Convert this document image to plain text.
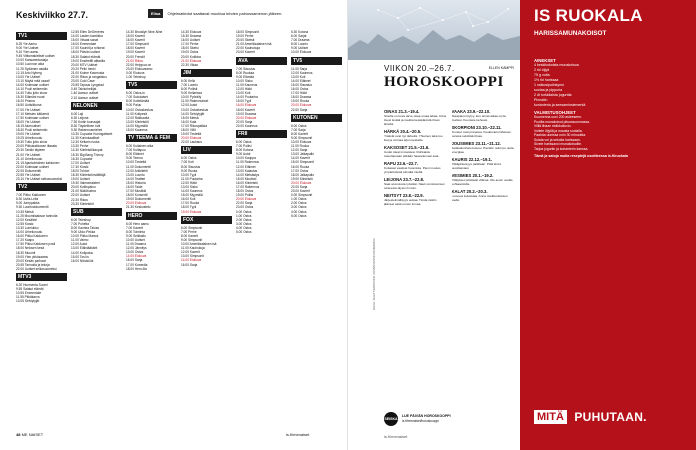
Keskiviikko 27.7.	Elisa Ohjelmatiedot saattavat muuttua lehden painossamenon jälkeen.
TV1
6.25 Yle Aamu
9.00 Yle Uutiset
9.10 Ylen aamu
9.45 Viittomakieliset uutiset
10.00 Kansanedustaja
10.50 Luonnon aika
11.25 Sydämen asialla
12.15 Arto Nyberg
13.00 Yle Uutiset
13.10 Näytä mitä osaat!
14.00 Kotimaan uutiset
14.10 Puoli seitsemän
14.40 Tuttu juttu show
15.30 Elämäni ruoat
16.20 Prisma
16.50 Uutisikkuna
17.00 Yle Uutiset
17.10 Metsien kätkemä
17.50 Kotimaan uutiset
18.00 Yle Uutiset
18.15 Alueuutiset
18.30 Puoli seitsemän
19.00 Yle Uutiset
19.25 Urheiluruutu
19.30 Tuttu juttu show
20.00 Pikkukakkosen iltasatu
20.30 Tankki täyteen
21.00 Yle Uutiset
21.10 Urheiluruutu
21.15 Ajankohtainen kakkonen
22.00 Kotimaan uutiset
22.05 Dokumentti
22.55 Yle Uutiset
23.10 Yle Uutiset selkosuomeksi
TV2
7.00 Pikku Kakkonen
8.30 Uutis-Leila
9.00 Jumppakka
9.30 Luontodokumentti
10.35 Metsä
11.25 Muumilaakson tarinoita
12.00 Kesäleiri
12.55 Kioski
13.30 Lumiukko
14.00 Urheiluruutu
16.00 Pikku Kakkonen
17.20 Kaapo
17.50 Pikku Kakkosen posti
18.00 Nelosen kesä
18.30 Muumit
19.00 Ylen ykkösaamu
20.00 Kesän parhaat
20.55 Tarinoita ja tekoja
22.00 Uutiset selkosuomeksi
MTV3
6.20 Huomenta Suomi
9.55 Salatut elämät
10.55 Emmerdale
11.55 Pitkäkarva
13.05 Selviytyjät
12.55 Ellen DeGeneres
14.00 Lasten komiikka
15.00 Viisaat sanat
16.00 Emmerdale
17.00 Kauniit ja rohkeat
18.00 Päivän uutiset
18.30 Salatut elämät
19.00 Ensitreffit alttarilla
20.00 MTV Uutiset
20.20 Pelin henki
21.00 Kolme Kaverusta
22.00 Rikos ja rangaistus
23.00 Cold Case
23.55 Tapaus Lyngstad
0.45 Talviurheilijat
1.40 Aamun uutiset
2.10 Aamun uutiset
NELONEN
6.00 Laji
6.30 Leijona
7.30 Kodin tuunaajat
8.30 Täydellinen koti
9.30 Rakennusmiehet
10.30 Cupcake Kuningattaret
11.30 Kuninkaalliset
12.30 Kellarin ruoka
13.30 Perhe
14.30 Kiinteistökaupat
15.30 Big Bang Theory
16.30 Cupcake
17.00 Uutiset
17.30 Kioski
18.00 Tohtori
18.30 Kiinteistönvälittäjä
19.00 Uutiset
19.30 Vaimomaisteri
20.00 Kotiinpaluu
21.00 Näkökulma
22.00 Uutiset
22.30 Rikos
23.30 Kiinteistöt
SUB
6.00 Teleshop
7.00 Puhetta
8.00 Kauhea Taivas
9.00 Ukko Pekka
10.00 Pikku Marsut
11.00 Vaimo
12.00 Autot
13.00 Eläinlääkärit
14.00 Kotipaluu
15.00 Tosi-tv
16.00 Nitroköök
14.30 Brooklyn Nine-Nine
15.00 Kaverit
16.00 Kaverit
17.00 Simpsonit
18.00 Kaverit
19.00 Kaverit
20.00 Frendit
21.00 Rikos
22.00 Helppoa on
23.00 Elokuvaamo
0.00 Elokuva
1.00 Teleshop
TV5
6.00 Ostos-tv
7.00 Sukulaiset
8.00 Kotielämää
9.00 Paluu
10.00 Ostoskeskus
11.00 Kotipesä
12.00 Rakkautta
13.00 Kiinteistöt
14.00 Myymälä
15.00 Kauneus
TV TEEMA & FEM
6.00 Kultainen aika
7.00 Kultapuu
8.00 Eläimet
9.00 Teema
10.00 Tiedettä
11.00 Dokumentti
12.00 Arkkitehti
13.00 Luonto
14.00 Teatteri
15.00 Historia
16.00 Taide
17.00 Musiikki
18.00 Konsertti
19.00 Dokumentti
20.00 Elokuva
21.30 Keskustelu
HERO
6.00 Hero aamu
7.00 Kaverit
8.00 Toiminta
9.00 Seikkailu
10.00 Uutiset
11.00 Draama
12.00 Jännitys
13.00 Ostos
14.00 Elokuva
16.00 Sarja
17.00 Komedia
18.00 Hero ilta
14.30 Elokuva
15.30 Draama
16.00 Uutiset
17.00 Perhe
18.00 Sketsi
19.00 Ostos
20.00 Kotikino
21.00 Elokuva
22.30 Vikaa
JIM
6.00 Kello
7.00 Luonto
8.00 Poliisit
9.00 Kellarissa
10.00 Pyöräily
11.00 Rakennukset
12.00 Autot
13.00 Ostoskeskus
14.00 Selviytyjät
15.00 Metsä
16.00 Kala
17.00 Rikospaikka
18.00 Villit
19.00 Tiedettä
20.00 Elokuva
22.00 Laukaus
LIV
6.00 Ostos
7.00 Koti
8.00 Sisustus
9.00 Ruoka
10.00 Tyyli
11.00 Puutarha
12.00 Häät
13.00 Sisko
14.00 Kauneus
15.00 Myymälä
16.00 Koti
17.00 Ruoka
18.00 Tyyli
19.00 Elokuva
FOX
6.00 Simpsonit
7.00 Perhe
8.00 Kaverit
9.00 Simpsonit
10.00 Amerikkalainen isä
11.00 Kauhukuja
12.00 Kaverit
13.00 Simpsonit
14.00 Elokuva
16.00 Sarja
18.00 Simpsonit
19.00 Perhe
20.00 Sketsit
21.00 Amerikkalainen isä
22.00 Kauhukuja
23.00 Kaverit
AVA
7.00 Sisustus
8.00 Ruokaa
9.00 Elämää
10.00 Sisko
11.00 Kauneus
12.00 Häät
13.00 Koti
14.00 Puutarha
15.00 Tyyli
16.00 Elokuva
18.00 Kaverit
19.00 Draama
20.00 Elokuva
22.00 Sarja
23.00 Kauneus
FRII
6.00 Ostos
7.00 Poliisi
8.00 Kotona
9.00 Autot
10.00 Kauppa
11.00 Rakennus
12.00 Eläimet
13.00 Kalastus
14.00 Metsästys
15.00 Moottori
16.00 Kiinteistö
17.00 Rakennus
18.00 Ostos
19.00 Poliisi
20.00 Elokuva
22.00 Sarja
23.00 Ostos
0.00 Ostos
1.00 Ostos
2.00 Ostos
3.00 Ostos
4.00 Ostos
5.00 Ostos
5.30 Kotona
6.00 Sarjat
7.00 Draama
8.00 Luonto
9.00 Uutiset
10.00 Elokuva
TV5
11.00 Sarja
12.00 Kauneus
13.00 Koti
14.00 Eläimet
15.00 Sisustus
16.00 Ostos
17.00 Häät
18.00 Draama
19.00 Ruoka
20.00 Elokuva
22.00 Sarja
KUTONEN
6.00 Ostos
7.00 Sarja
8.00 Kaverit
9.00 Simpsonit
10.00 Elokuva
11.00 Ruoka
12.00 Sarja
13.00 Jalkapallo
14.00 Kaverit
15.00 Simpsonit
16.00 Ruoka
17.00 Ostos
18.00 Jalkapallo
19.00 Kiinteistö
20.00 Elokuva
22.00 Sarja
23.00 Kaverit
0.00 Simpsonit
1.00 Ostos
2.00 Ostos
3.00 Ostos
4.00 Ostos
5.00 Ostos
48 ME NAISET	is.fi/menaiset
VIIKON 20.–26.7.	ELLEN KÄMPPI
HOROSKOOPPI
KUVA: SHUTTERSTOCK / KONSTANTIN KOMAROV
OINAS 21.3.–19.4.
Sinulla on kova tarve ottaa omaa aikaa. Anna itsesi levätä ja nauttia kesäpäivistä ilman kiirettä.
HÄRKÄ 20.4.–20.5.
Ystävät ovat nyt tärkeitä. Yhteinen aika tuo iloa ja voimaa arjen keskelle.
KAKSOSET 21.5.–21.6.
Uudet ideat innostavat. Rohkaistu toteuttamaan pitkään haaveilemasi asia.
RAPU 22.6.–22.7.
Kotiasiat vaativat huomiota. Pieni muutos ympäristössä piristää mieltä.
LEIJONA 23.7.–22.8.
Saat arvostusta työstäsi. Nauti onnistumisen tunteesta täysin rinnoin.
NEITSYT 23.8.–22.9.
Järjestelmällisyys auttaa. Hoida rästiin jääneet asiat ennen lomaa.
VAAKA 23.9.–22.10.
Tasapaino löytyy, kun annat aikaa myös itsellesi. Kuuntele kehoasi.
SKORPIONI 23.10.–22.11.
Tunteet ovat pinnassa. Keskustelu läheisen kanssa selvittää ilmaa.
JOUSIMIES 23.11.–21.12.
Seikkailunhalu kutsuu. Pienikin retki tuo uutta energiaa.
KAURIS 22.12.–19.1.
Pitkäjänteisyys palkitaan. Pidä kiinni tavoitteistasi.
VESIMIES 20.1.–19.2.
Yllätykset piristävät viikkoa. Ole avoin uusille kohtaamisille.
KALAT 20.2.–20.3.
Luovuus kukoistaa. Anna mielikuvituksen viedä.
SEISKA
LUE PÄIVÄN HOROSKOOPPI
is.fi/menaiset/horoskooppi
is.fi/menaiset
IS RUOKALA
HARISSAMUNAKOISOT
AINEKSET
4 keskikokoista munakoisoa
2 rkl öljyä
75 g voita
1½ rkl harissaa
1 valkosipulinkynsi
suolaa ja pippuria
2 dl turkkilaista jogurttia
Pinnalle:
korianteria ja seesaminsiemeniä
VALMISTUSOHJEET
Kuumenna uuni 200 asteeseen.
Puolita munakoisot pituussuunnassa.
Viillä lihaan ristikkokuvio.
Voitele öljyllä ja mausta suolalla.
Paahda uunissa noin 30 minuuttia.
Sulata voi ja sekoita harissaan.
Sivele harissavoi munakoisoille.
Tarjoa jogurtin ja korianterin kanssa.
Tämä ja satoja muita reseptejä osoitteessa is.fi/ruokala
MITÄ PUHUTAAN.
